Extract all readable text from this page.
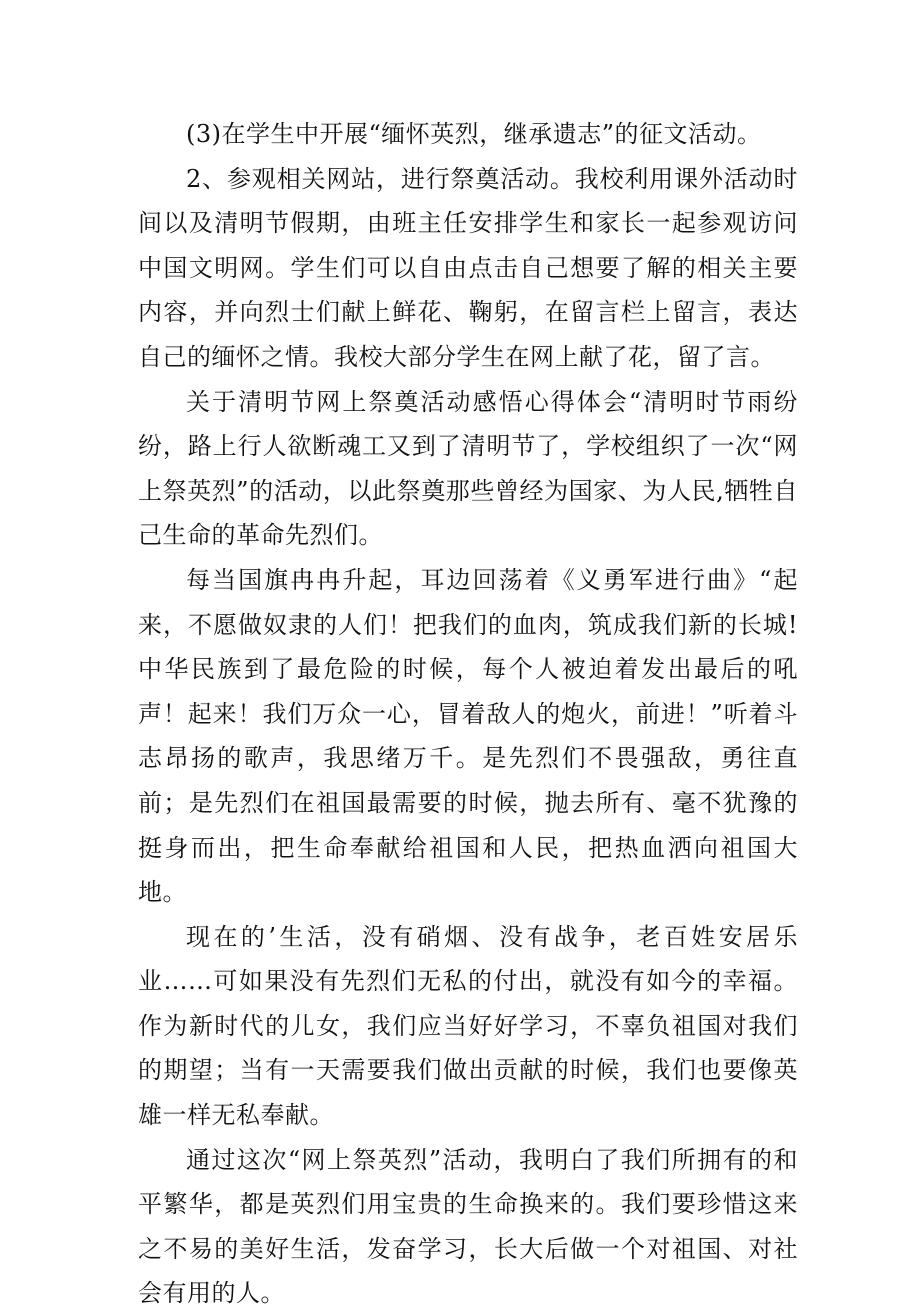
(3)在学生中开展“缅怀英烈，继承遗志”的征文活动。

2、参观相关网站，进行祭奠活动。我校利用课外活动时间以及清明节假期，由班主任安排学生和家长一起参观访问中国文明网。学生们可以自由点击自己想要了解的相关主要内容，并向烈士们献上鲜花、鞠躬，在留言栏上留言，表达自己的缅怀之情。我校大部分学生在网上献了花，留了言。

关于清明节网上祭奠活动感悟心得体会“清明时节雨纷纷，路上行人欲断魂工又到了清明节了，学校组织了一次“网上祭英烈”的活动，以此祭奠那些曾经为国家、为人民,牺牲自己生命的革命先烈们。

每当国旗冉冉升起，耳边回荡着《义勇军进行曲》“起来，不愿做奴隶的人们！把我们的血肉，筑成我们新的长城!中华民族到了最危险的时候，每个人被迫着发出最后的吼声！起来！我们万众一心，冒着敌人的炮火，前进！”听着斗志昂扬的歌声，我思绪万千。是先烈们不畏强敌，勇往直前；是先烈们在祖国最需要的时候，抛去所有、毫不犹豫的挺身而出，把生命奉献给祖国和人民，把热血洒向祖国大地。

现在的’生活，没有硝烟、没有战争，老百姓安居乐业……可如果没有先烈们无私的付出，就没有如今的幸福。作为新时代的儿女，我们应当好好学习，不辜负祖国对我们的期望；当有一天需要我们做出贡献的时候，我们也要像英雄一样无私奉献。

通过这次“网上祭英烈”活动，我明白了我们所拥有的和平繁华，都是英烈们用宝贵的生命换来的。我们要珍惜这来之不易的美好生活，发奋学习，长大后做一个对祖国、对社会有用的人。
